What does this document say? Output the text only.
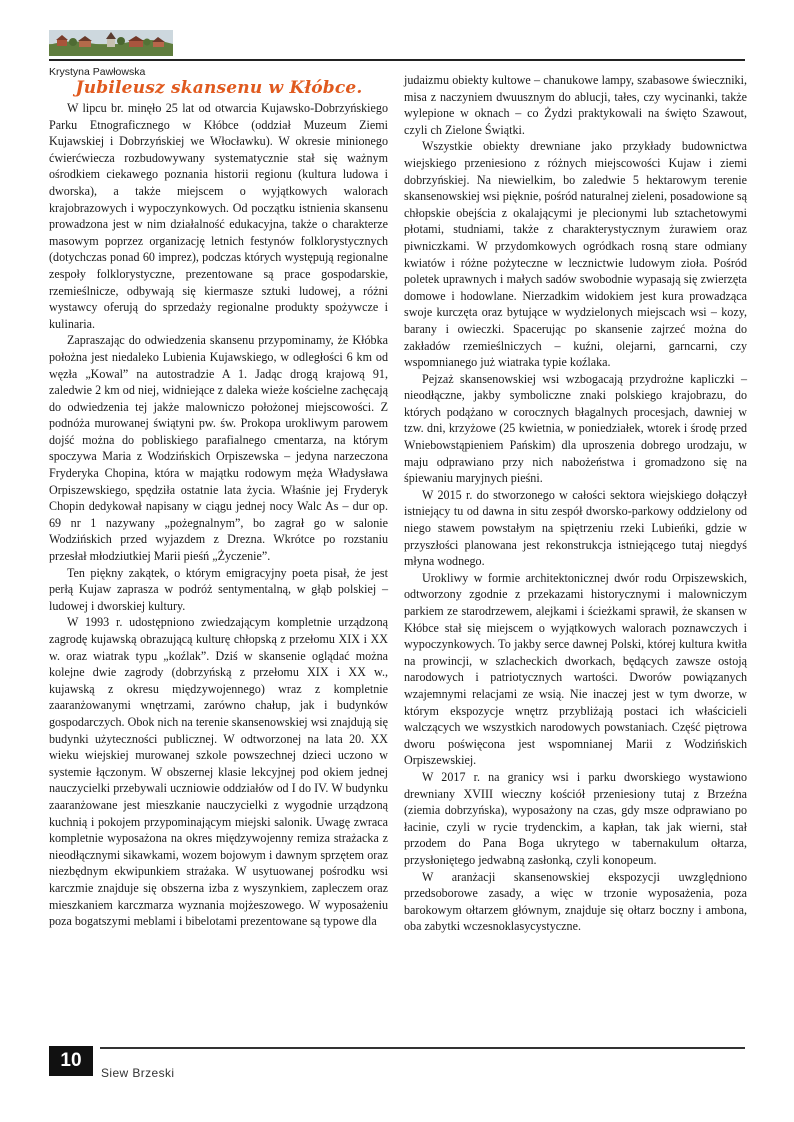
Krystyna Pawłowska
Jubileusz skansenu w Kłóbce.

W lipcu br. minęło 25 lat od otwarcia Kujawsko-Dobrzyńskiego Parku Etnograficznego w Kłóbce (oddział Muzeum Ziemi Kujawskiej i Dobrzyńskiej we Włocławku). W okresie minionego ćwierćwiecza rozbudowywany systematycznie stał się ważnym ośrodkiem ciekawego poznania historii regionu (kultura ludowa i dworska), a także miejscem o wyjątkowych walorach krajobrazowych i wypoczynkowych. Od początku istnienia skansenu prowadzona jest w nim działalność edukacyjna, także o charakterze masowym poprzez organizację letnich festynów folklorystycznych (dotychczas ponad 60 imprez), podczas których występują regionalne zespoły folklorystyczne, prezentowane są prace gospodarskie, rzemieślnicze, odbywają się kiermasze sztuki ludowej, a różni wystawcy oferują do sprzedaży regionalne produkty spożywcze i kulinaria.

Zapraszając do odwiedzenia skansenu przypominamy, że Kłóbka położna jest niedaleko Lubienia Kujawskiego, w odległości 6 km od węzła „Kowal” na autostradzie A 1. Jadąc drogą krajową 91, zaledwie 2 km od niej, widniejące z daleka wieże kościelne zachęcają do odwiedzenia tej jakże malowniczo położonej miejscowości. Z podnóża murowanej świątyni pw. św. Prokopa urokliwym parowem dojść można do pobliskiego parafialnego cmentarza, na którym spoczywa Maria z Wodzińskich Orpiszewska – jedyna narzeczona Fryderyka Chopina, która w majątku rodowym męża Władysława Orpiszewskiego, spędziła ostatnie lata życia. Właśnie jej Fryderyk Chopin dedykował napisany w ciągu jednej nocy Walc As – dur op. 69 nr 1 nazywany „pożegnalnym”, bo zagrał go w salonie Wodzińskich przed wyjazdem z Drezna. Wkrótce po rozstaniu przesłał młodziutkiej Marii pieśń „Życzenie”.

Ten piękny zakątek, o którym emigracyjny poeta pisał, że jest perłą Kujaw zaprasza w podróż sentymentalną, w głąb polskiej – ludowej i dworskiej kultury.

W 1993 r. udostępniono zwiedzającym kompletnie urządzoną zagrodę kujawską obrazującą kulturę chłopską z przełomu XIX i XX w. oraz wiatrak typu „koźlak”. Dziś w skansenie oglądać można kolejne dwie zagrody (dobrzyńską z przełomu XIX i XX w., kujawską z okresu międzywojennego) wraz z kompletnie zaaranżowanymi wnętrzami, zarówno chałup, jak i budynków gospodarczych. Obok nich na terenie skansenowskiej wsi znajdują się budynki użyteczności publicznej. W odtworzonej na lata 20. XX wieku wiejskiej murowanej szkole powszechnej dzieci uczono w systemie łączonym. W obszernej klasie lekcyjnej pod okiem jednej nauczycielki przebywali uczniowie oddziałów od I do IV. W budynku zaaranżowane jest mieszkanie nauczycielki z wygodnie urządzoną kuchnią i pokojem przypominającym miejski salonik. Uwagę zwraca kompletnie wyposażona na okres międzywojenny remiza strażacka z nieodłącznymi sikawkami, wozem bojowym i dawnym sprzętem oraz niezbędnym ekwipunkiem strażaka. W usytuowanej pośrodku wsi karczmie znajduje się obszerna izba z wyszynkiem, zapleczem oraz mieszkaniem karczmarza wyznania mojżeszowego. W wyposażeniu poza bogatszymi meblami i bibelotami prezentowane są typowe dla

judaizmu obiekty kultowe – chanukowe lampy, szabasowe świeczniki, misa z naczyniem dwuusznym do ablucji, tałes, czy wycinanki, także wylepione w oknach – co Żydzi praktykowali na święto Szawout, czyli ch Zielone Świątki.

Wszystkie obiekty drewniane jako przykłady budownictwa wiejskiego przeniesiono z różnych miejscowości Kujaw i ziemi dobrzyńskiej. Na niewielkim, bo zaledwie 5 hektarowym terenie skansenowskiej wsi pięknie, pośród naturalnej zieleni, posadowione są chłopskie obejścia z okalającymi je plecionymi lub sztachetowymi płotami, studniami, także z charakterystycznym żurawiem oraz piwniczkami. W przydomkowych ogródkach rosną stare odmiany kwiatów i różne pożyteczne w lecznictwie ludowym zioła. Pośród poletek uprawnych i małych sadów swobodnie wypasają się zwierzęta domowe i hodowlane. Nierzadkim widokiem jest kura prowadząca swoje kurczęta oraz bytujące w wydzielonych miejscach wsi – kozy, barany i owieczki. Spacerując po skansenie zajrzeć można do zakładów rzemieślniczych – kuźni, olejarni, garncarni, czy wspomnianego już wiatraka typie koźlaka.

Pejzaż skansenowskiej wsi wzbogacają przydrożne kapliczki – nieodłączne, jakby symboliczne znaki polskiego krajobrazu, do których podążano w corocznych błagalnych procesjach, dawniej w tzw. dni, krzyżowe (25 kwietnia, w poniedziałek, wtorek i środę przed Wniebowstąpieniem Pańskim) dla uproszenia dobrego urodzaju, w maju odprawiano przy nich nabożeństwa i gromadzono się na śpiewaniu maryjnych pieśni.

W 2015 r. do stworzonego w całości sektora wiejskiego dołączył istniejący tu od dawna in situ zespół dworsko-parkowy oddzielony od niego stawem powstałym na spiętrzeniu rzeki Lubieńki, gdzie w przyszłości planowana jest rekonstrukcja istniejącego tutaj niegdyś młyna wodnego.

Urokliwy w formie architektonicznej dwór rodu Orpiszewskich, odtworzony zgodnie z przekazami historycznymi i malowniczym parkiem ze starodrzewem, alejkami i ścieżkami sprawił, że skansen w Kłóbce stał się miejscem o wyjątkowych walorach poznawczych i wypoczynkowych. To jakby serce dawnej Polski, której kultura kwitła na prowincji, w szlacheckich dworkach, będących zawsze ostoją narodowych i patriotycznych wartości. Dworów powiązanych wzajemnymi relacjami ze wsią. Nie inaczej jest w tym dworze, w którym ekspozycje wnętrz przybliżają postaci ich właścicieli walczących we wszystkich narodowych powstaniach. Część piętrowa dworu poświęcona jest wspomnianej Marii z Wodzińskich Orpiszewskiej.

W 2017 r. na granicy wsi i parku dworskiego wystawiono drewniany XVIII wieczny kościół przeniesiony tutaj z Brzeźna (ziemia dobrzyńska), wyposażony na czas, gdy msze odprawiano po łacinie, czyli w rycie trydenckim, a kapłan, tak jak wierni, stał przodem do Pana Boga ukrytego w tabernakulum ołtarza, przysłoniętego jedwabną zasłonką, czyli konopeum.

W aranżacji skansenowskiej ekspozycji uwzględniono przedsoborowe zasady, a więc w trzonie wyposażenia, poza barokowym ołtarzem głównym, znajduje się ołtarz boczny i ambona, oba zabytki wczesnoklasycystyczne.

10
Siew Brzeski
